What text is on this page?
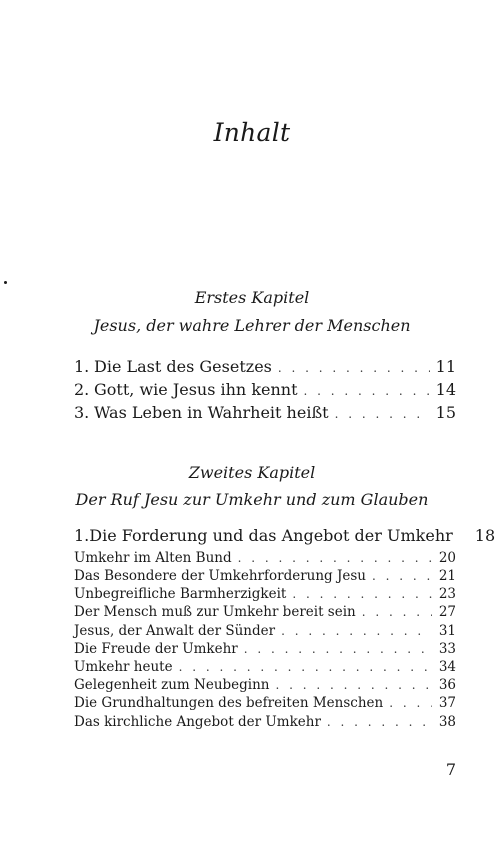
Inhalt
Erstes Kapitel
Jesus, der wahre Lehrer der Menschen
1. Die Last des Gesetzes . . .	11
2. Gott, wie Jesus ihn kennt . . .	14
3. Was Leben in Wahrheit heißt . . .	15
Zweites Kapitel
Der Ruf Jesu zur Umkehr und zum Glauben
1. Die Forderung und das Angebot der Umkehr 18
Umkehr im Alten Bund . . .	20
Das Besondere der Umkehrforderung Jesu . . .	21
Unbegreifliche Barmherzigkeit . . .	23
Der Mensch muß zur Umkehr bereit sein . . .	27
Jesus, der Anwalt der Sünder . . .	31
Die Freude der Umkehr . . .	33
Umkehr heute . . .	34
Gelegenheit zum Neubeginn . . .	36
Die Grundhaltungen des befreiten Menschen . . .	37
Das kirchliche Angebot der Umkehr . . .	38
7
